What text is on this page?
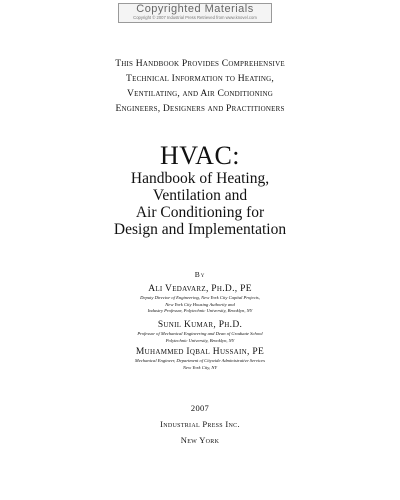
Copyrighted Materials
Copyright © 2007 Industrial Press Retrieved from www.knovel.com
This Handbook Provides Comprehensive
Technical Information to Heating,
Ventilating, and Air Conditioning
Engineers, Designers and Practitioners
HVAC:
Handbook of Heating,
Ventilation and
Air Conditioning for
Design and Implementation
By
Ali Vedavarz, Ph.D., PE
Deputy Director of Engineering, New York City Capital Projects,
New York City Housing Authority and
Industry Professor, Polytechnic University, Brooklyn, NY
Sunil Kumar, Ph.D.
Professor of Mechanical Engineering and Dean of Graduate School
Polytechnic University, Brooklyn, NY
Muhammed Iqbal Hussain, PE
Mechanical Engineer, Department of Citywide Administrative Services
New York City, NY
2007
Industrial Press Inc.
New York
